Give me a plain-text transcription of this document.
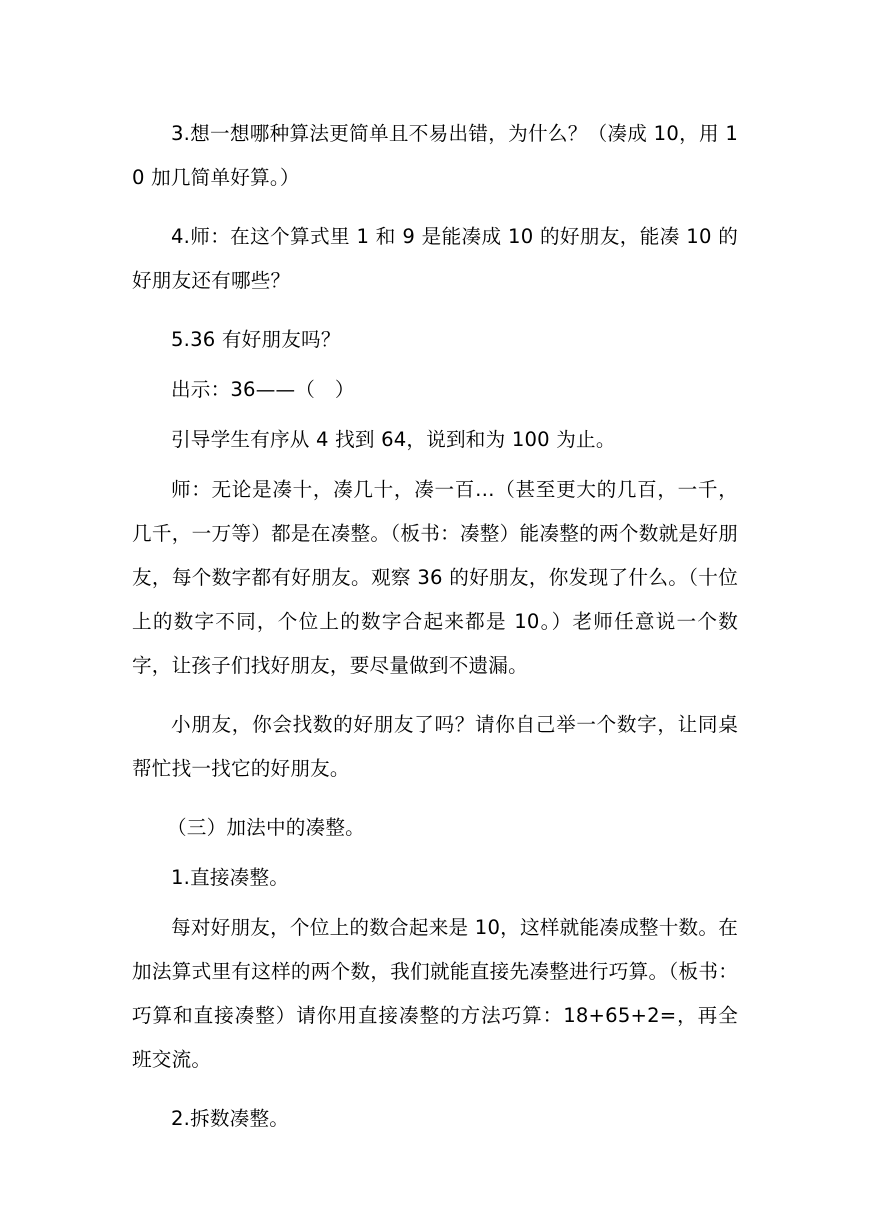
3.想一想哪种算法更简单且不易出错，为什么？（凑成 10，用 10 加几简单好算。）

4.师：在这个算式里 1 和 9 是能凑成 10 的好朋友，能凑 10 的好朋友还有哪些？

5.36 有好朋友吗？

出示：36——（　）

引导学生有序从 4 找到 64，说到和为 100 为止。

师：无论是凑十，凑几十，凑一百…（甚至更大的几百，一千，几千，一万等）都是在凑整。（板书：凑整）能凑整的两个数就是好朋友，每个数字都有好朋友。观察 36 的好朋友，你发现了什么。（十位上的数字不同，个位上的数字合起来都是 10。）老师任意说一个数字，让孩子们找好朋友，要尽量做到不遗漏。

小朋友，你会找数的好朋友了吗？请你自己举一个数字，让同桌帮忙找一找它的好朋友。

（三）加法中的凑整。

1.直接凑整。

每对好朋友，个位上的数合起来是 10，这样就能凑成整十数。在加法算式里有这样的两个数，我们就能直接先凑整进行巧算。（板书：巧算和直接凑整）请你用直接凑整的方法巧算：18+65+2=，再全班交流。

2.拆数凑整。
